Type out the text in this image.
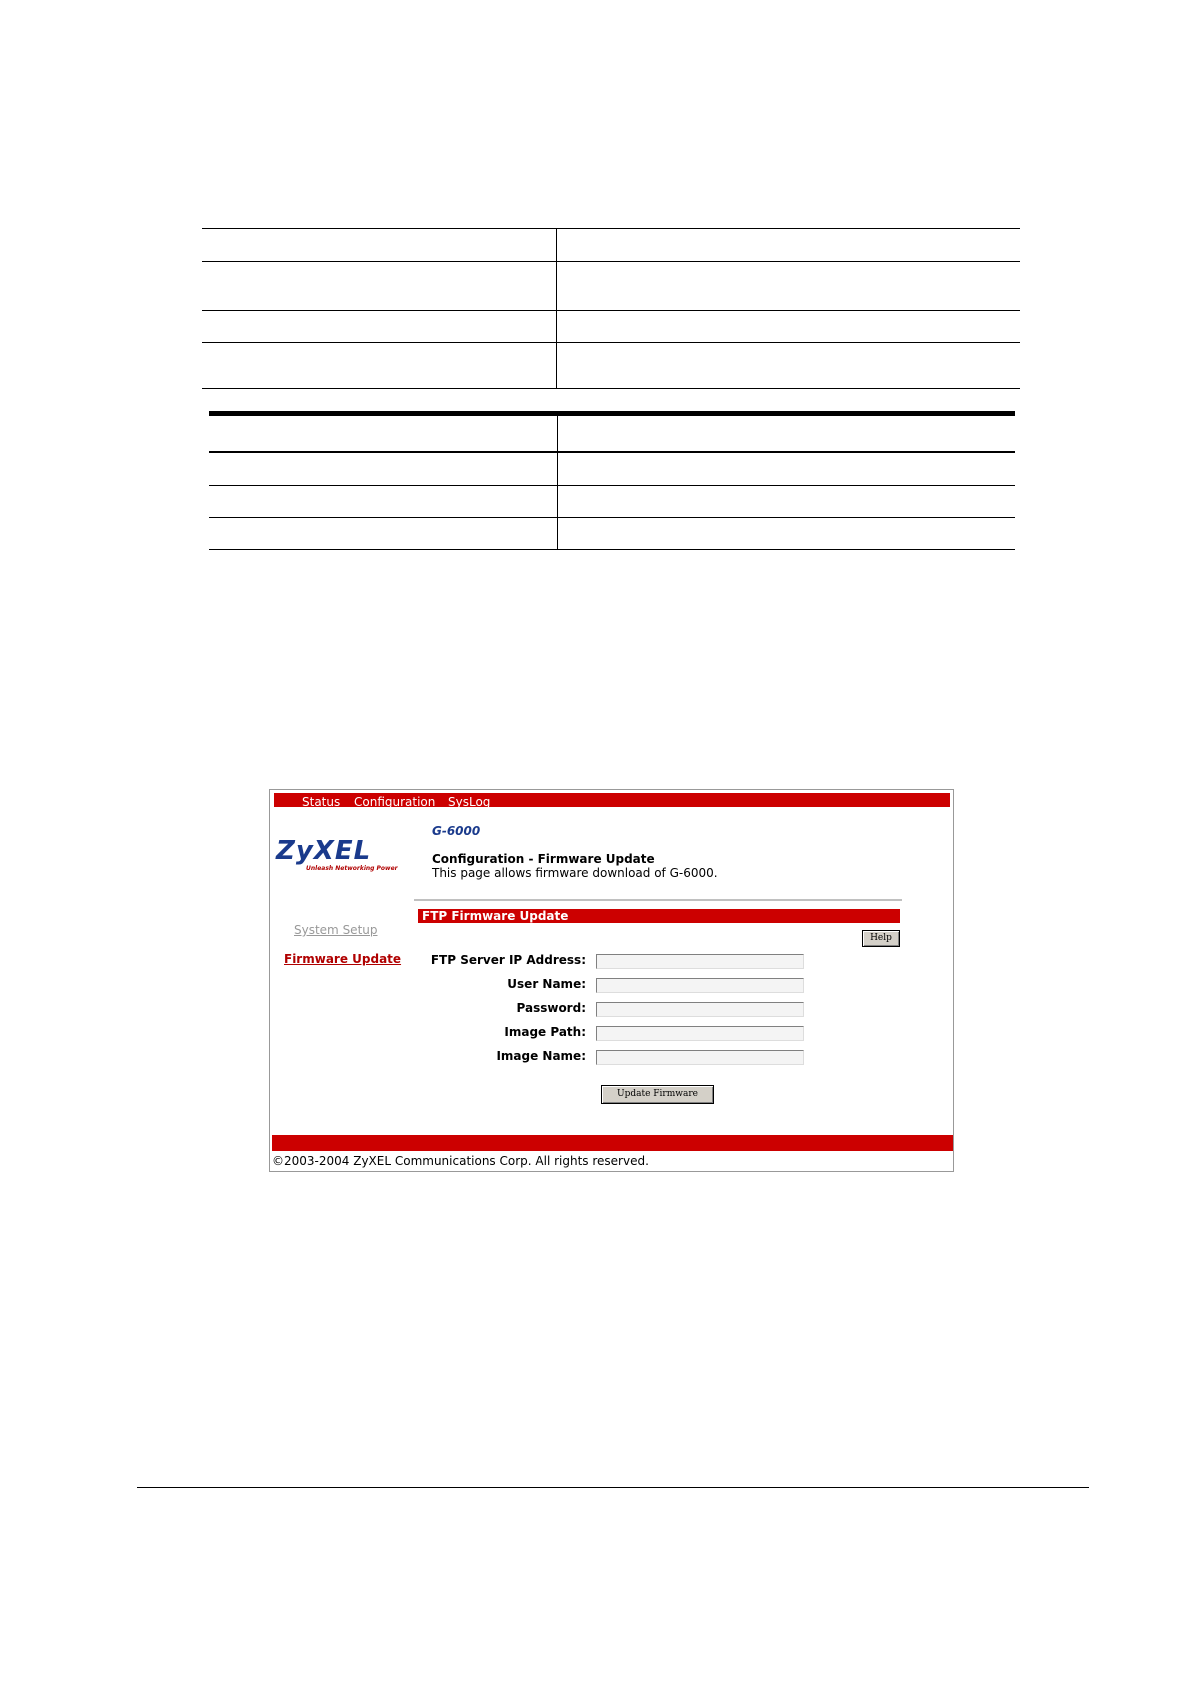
Status Configuration SysLog
ZyXEL
Unleash Networking Power
G-6000
Configuration - Firmware Update
This page allows firmware download of G-6000.
System Setup
Firmware Update
FTP Firmware Update
Help
FTP Server IP Address:
User Name:
Password:
Image Path:
Image Name:
Update Firmware
©2003-2004 ZyXEL Communications Corp. All rights reserved.
